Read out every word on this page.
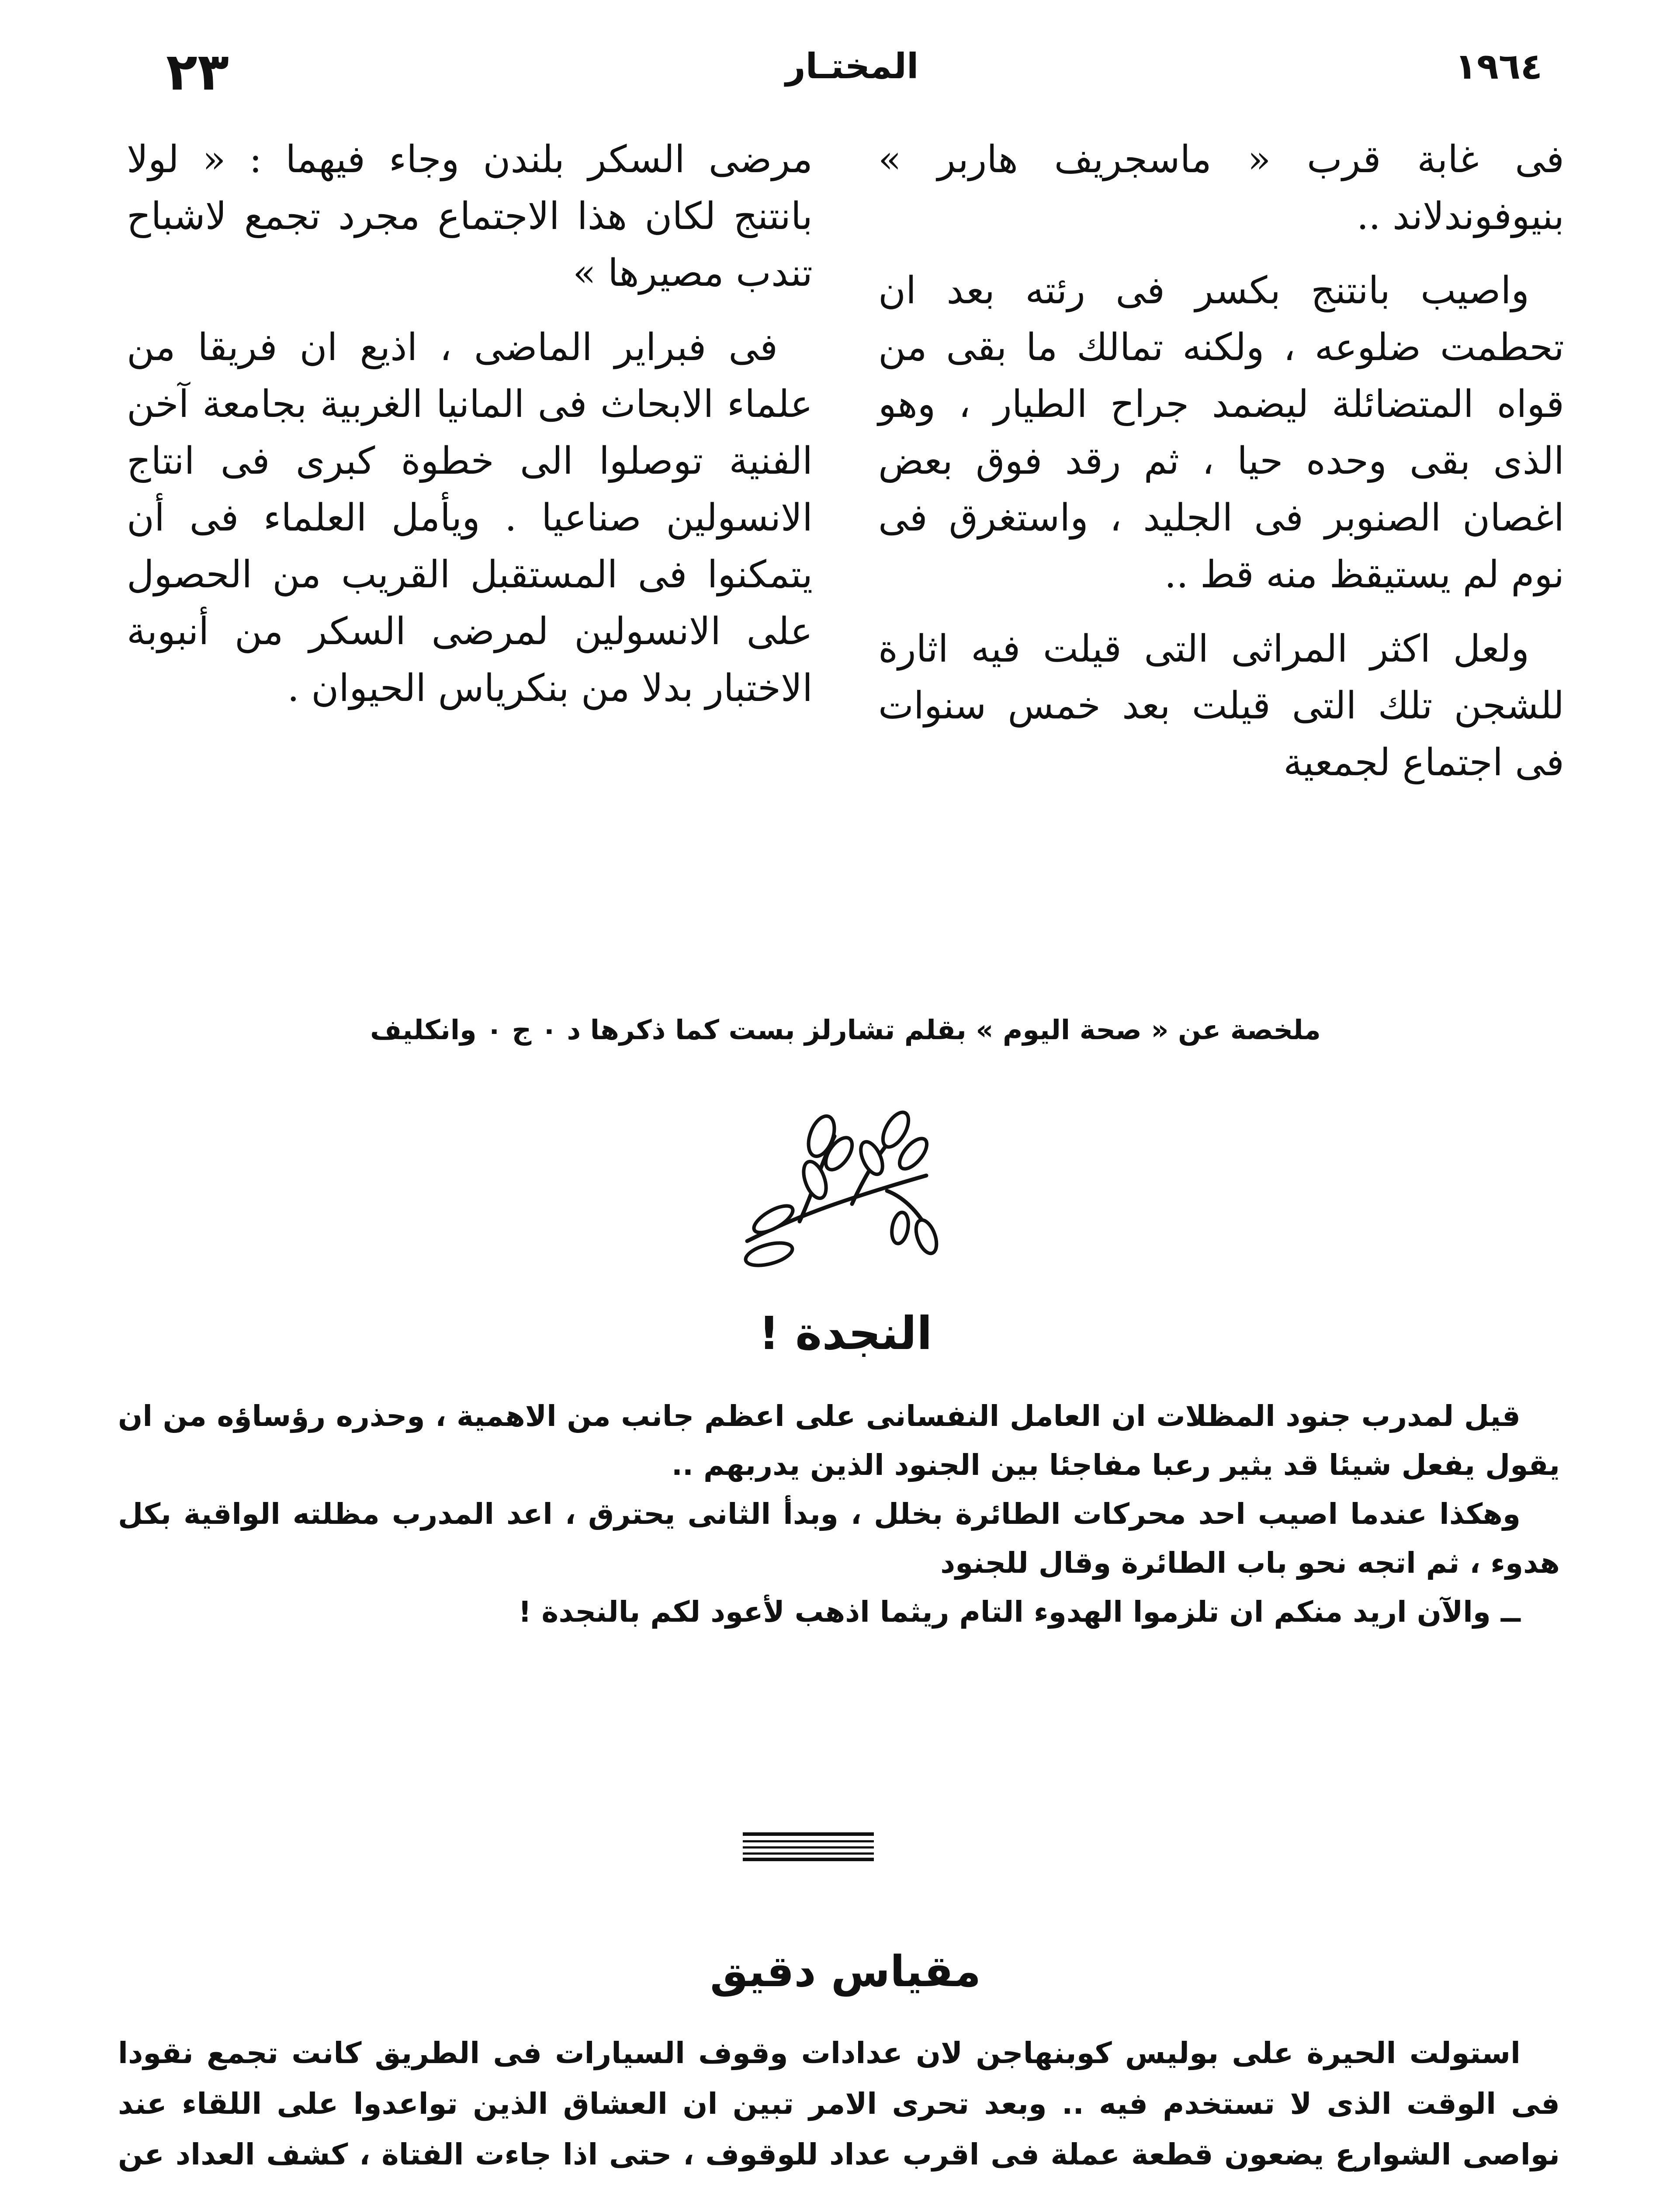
٢٣	المختـار	١٩٦٤

فى غابة قرب « ماسجريف هاربر » بنيوفوندلاند ..

واصيب بانتنج بكسر فى رئته بعد ان تحطمت ضلوعه ، ولكنه تمالك ما بقى من قواه المتضائلة ليضمد جراح الطيار ، وهو الذى بقى وحده حيا ، ثم رقد فوق بعض اغصان الصنوبر فى الجليد ، واستغرق فى نوم لم يستيقظ منه قط ..

ولعل اكثر المراثى التى قيلت فيه اثارة للشجن تلك التى قيلت بعد خمس سنوات فى اجتماع لجمعية

مرضى السكر بلندن وجاء فيهما : « لولا بانتنج لكان هذا الاجتماع مجرد تجمع لاشباح تندب مصيرها »

فى فبراير الماضى ، اذيع ان فريقا من علماء الابحاث فى المانيا الغربية بجامعة آخن الفنية توصلوا الى خطوة كبرى فى انتاج الانسولين صناعيا . ويأمل العلماء فى أن يتمكنوا فى المستقبل القريب من الحصول على الانسولين لمرضى السكر من أنبوبة الاختبار بدلا من بنكرياس الحيوان .

ملخصة عن « صحة اليوم » بقلم تشارلز بست كما ذكرها د ٠ ج ٠ وانكليف
النجدة !

قيل لمدرب جنود المظلات ان العامل النفسانى على اعظم جانب من الاهمية ، وحذره رؤساؤه من ان يقول يفعل شيئا قد يثير رعبا مفاجئا بين الجنود الذين يدربهم ..

وهكذا عندما اصيب احد محركات الطائرة بخلل ، وبدأ الثانى يحترق ، اعد المدرب مظلته الواقية بكل هدوء ، ثم اتجه نحو باب الطائرة وقال للجنود

ــ والآن اريد منكم ان تلزموا الهدوء التام ريثما اذهب لأعود لكم بالنجدة !

مقياس دقيق

استولت الحيرة على بوليس كوبنهاجن لان عدادات وقوف السيارات فى الطريق كانت تجمع نقودا فى الوقت الذى لا تستخدم فيه .. وبعد تحرى الامر تبين ان العشاق الذين تواعدوا على اللقاء عند نواصى الشوارع يضعون قطعة عملة فى اقرب عداد للوقوف ، حتى اذا جاءت الفتاة ، كشف العداد عن
